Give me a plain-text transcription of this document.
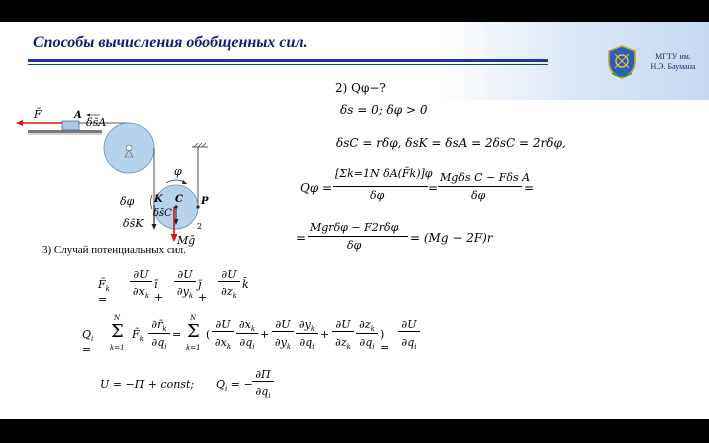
Способы вычисления обобщенных сил.
МГТУ им.
Н.Э. Баумана
F̄	A
δs̄A
φ
δφ K C P
δs̄C
δs̄K
Mḡ
2
2) Qφ−?
δs = 0; δφ > 0
δsC = rδφ, δsK = δsA = 2δsC = 2rδφ,
Qφ =
[Σk=1N δA(F̄k)]φ
δφ
=
Mgδs C − Fδs A
δφ
=
=
Mgrδφ − F2rδφ
δφ
= (Mg − 2F)r
3) Случай потенциальных сил.
$F̄_k$ =
∂U
$\partial x_k$
ī +
∂U
$\partial y_k$
j̄ +
∂U
$\partial z_k$
k̄
$Q_i$ =
N
Σ
k=1
$F̄_k$
$\partial r̄_k$
$\partial q_i$
=
N
Σ
k=1
(
∂U
$\partial x_k$
$\partial x_k$
$\partial q_i$
+
∂U
$\partial y_k$
$\partial y_k$
$\partial q_i$
+
∂U
$\partial z_k$
$\partial z_k$
$\partial q_i$
) =
∂U
$\partial q_i$
U = −Π + const; $Q_i$ = −
∂Π
$\partial q_i$
